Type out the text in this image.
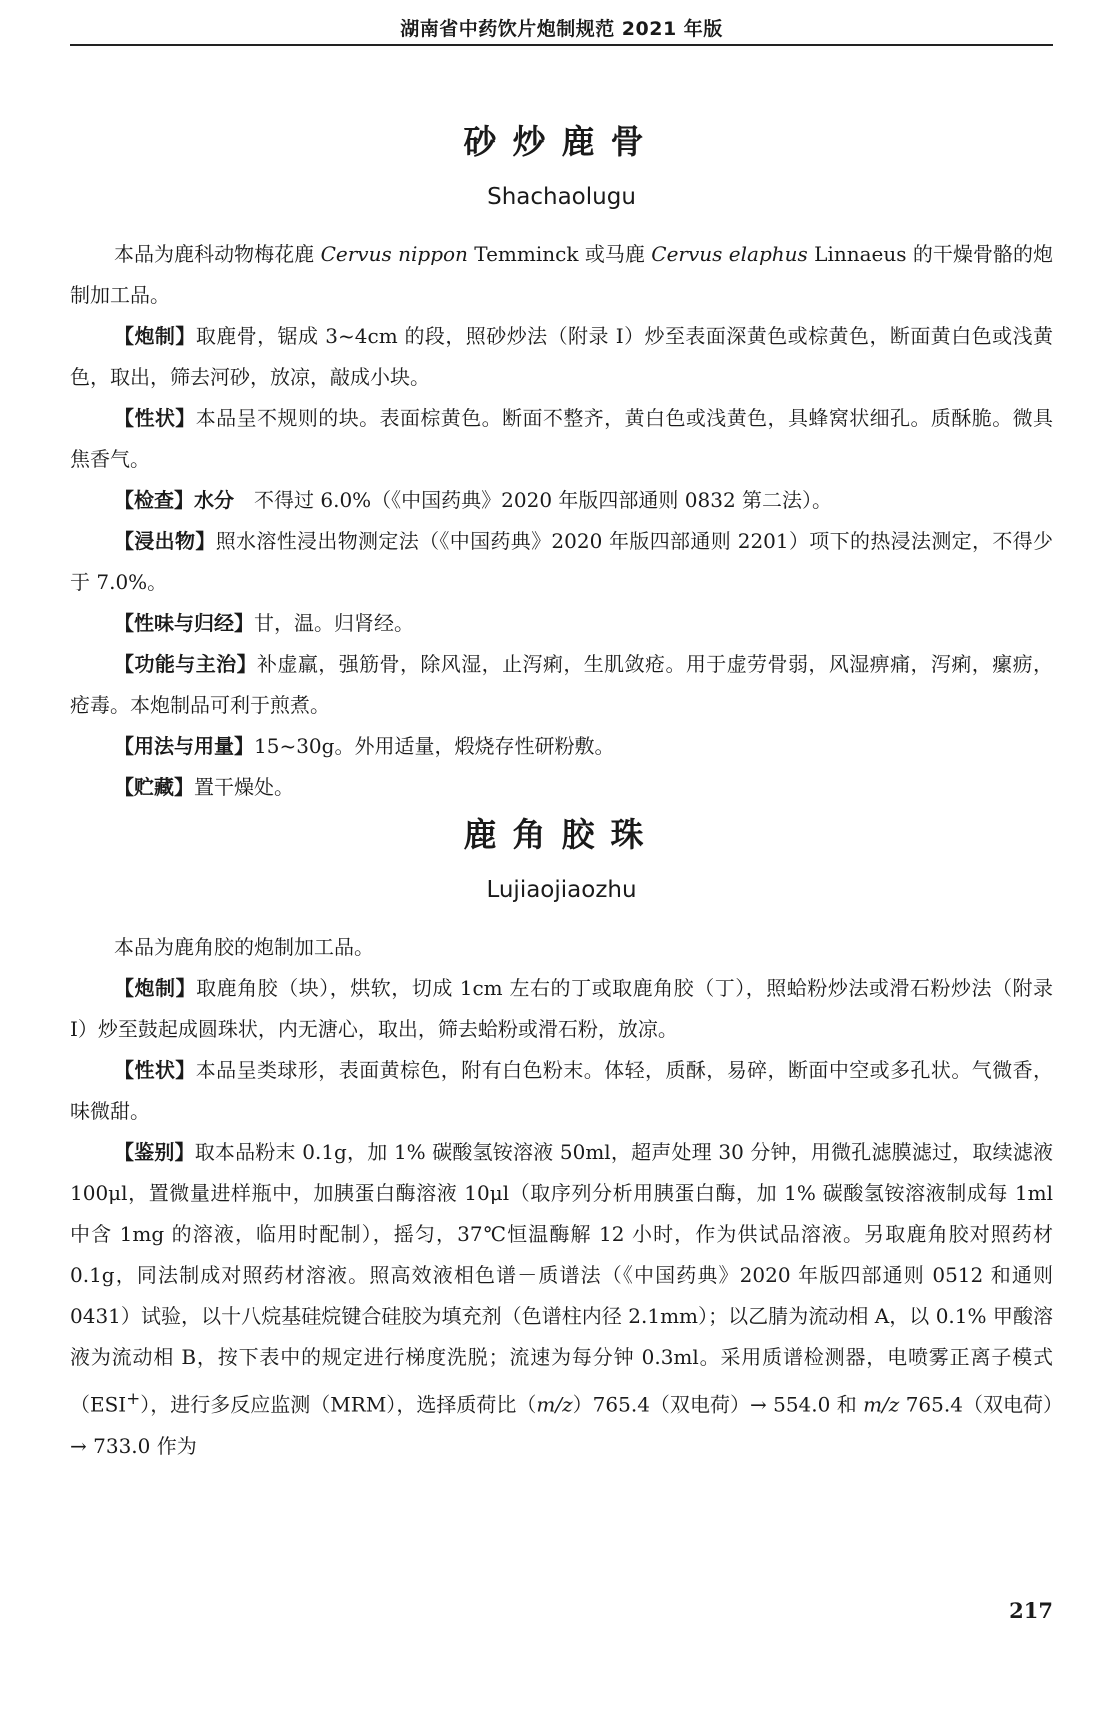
湖南省中药饮片炮制规范 2021 年版
砂炒鹿骨
Shachaolugu

本品为鹿科动物梅花鹿 Cervus nippon Temminck 或马鹿 Cervus elaphus Linnaeus 的干燥骨骼的炮制加工品。

【炮制】取鹿骨，锯成 3~4cm 的段，照砂炒法（附录 I）炒至表面深黄色或棕黄色，断面黄白色或浅黄色，取出，筛去河砂，放凉，敲成小块。

【性状】本品呈不规则的块。表面棕黄色。断面不整齐，黄白色或浅黄色，具蜂窝状细孔。质酥脆。微具焦香气。

【检查】水分　不得过 6.0%（《中国药典》2020 年版四部通则 0832 第二法）。

【浸出物】照水溶性浸出物测定法（《中国药典》2020 年版四部通则 2201）项下的热浸法测定，不得少于 7.0%。

【性味与归经】甘，温。归肾经。

【功能与主治】补虚羸，强筋骨，除风湿，止泻痢，生肌敛疮。用于虚劳骨弱，风湿痹痛，泻痢，瘰疬，疮毒。本炮制品可利于煎煮。

【用法与用量】15~30g。外用适量，煅烧存性研粉敷。

【贮藏】置干燥处。

鹿角胶珠
Lujiaojiaozhu

本品为鹿角胶的炮制加工品。

【炮制】取鹿角胶（块），烘软，切成 1cm 左右的丁或取鹿角胶（丁），照蛤粉炒法或滑石粉炒法（附录 I）炒至鼓起成圆珠状，内无溏心，取出，筛去蛤粉或滑石粉，放凉。

【性状】本品呈类球形，表面黄棕色，附有白色粉末。体轻，质酥，易碎，断面中空或多孔状。气微香，味微甜。

【鉴别】取本品粉末 0.1g，加 1% 碳酸氢铵溶液 50ml，超声处理 30 分钟，用微孔滤膜滤过，取续滤液 100μl，置微量进样瓶中，加胰蛋白酶溶液 10μl（取序列分析用胰蛋白酶，加 1% 碳酸氢铵溶液制成每 1ml 中含 1mg 的溶液，临用时配制），摇匀，37℃恒温酶解 12 小时，作为供试品溶液。另取鹿角胶对照药材 0.1g，同法制成对照药材溶液。照高效液相色谱－质谱法（《中国药典》2020 年版四部通则 0512 和通则 0431）试验，以十八烷基硅烷键合硅胶为填充剂（色谱柱内径 2.1mm）；以乙腈为流动相 A，以 0.1% 甲酸溶液为流动相 B，按下表中的规定进行梯度洗脱；流速为每分钟 0.3ml。采用质谱检测器，电喷雾正离子模式（ESI+），进行多反应监测（MRM），选择质荷比（m/z）765.4（双电荷）→ 554.0 和 m/z 765.4（双电荷）→ 733.0 作为

217
